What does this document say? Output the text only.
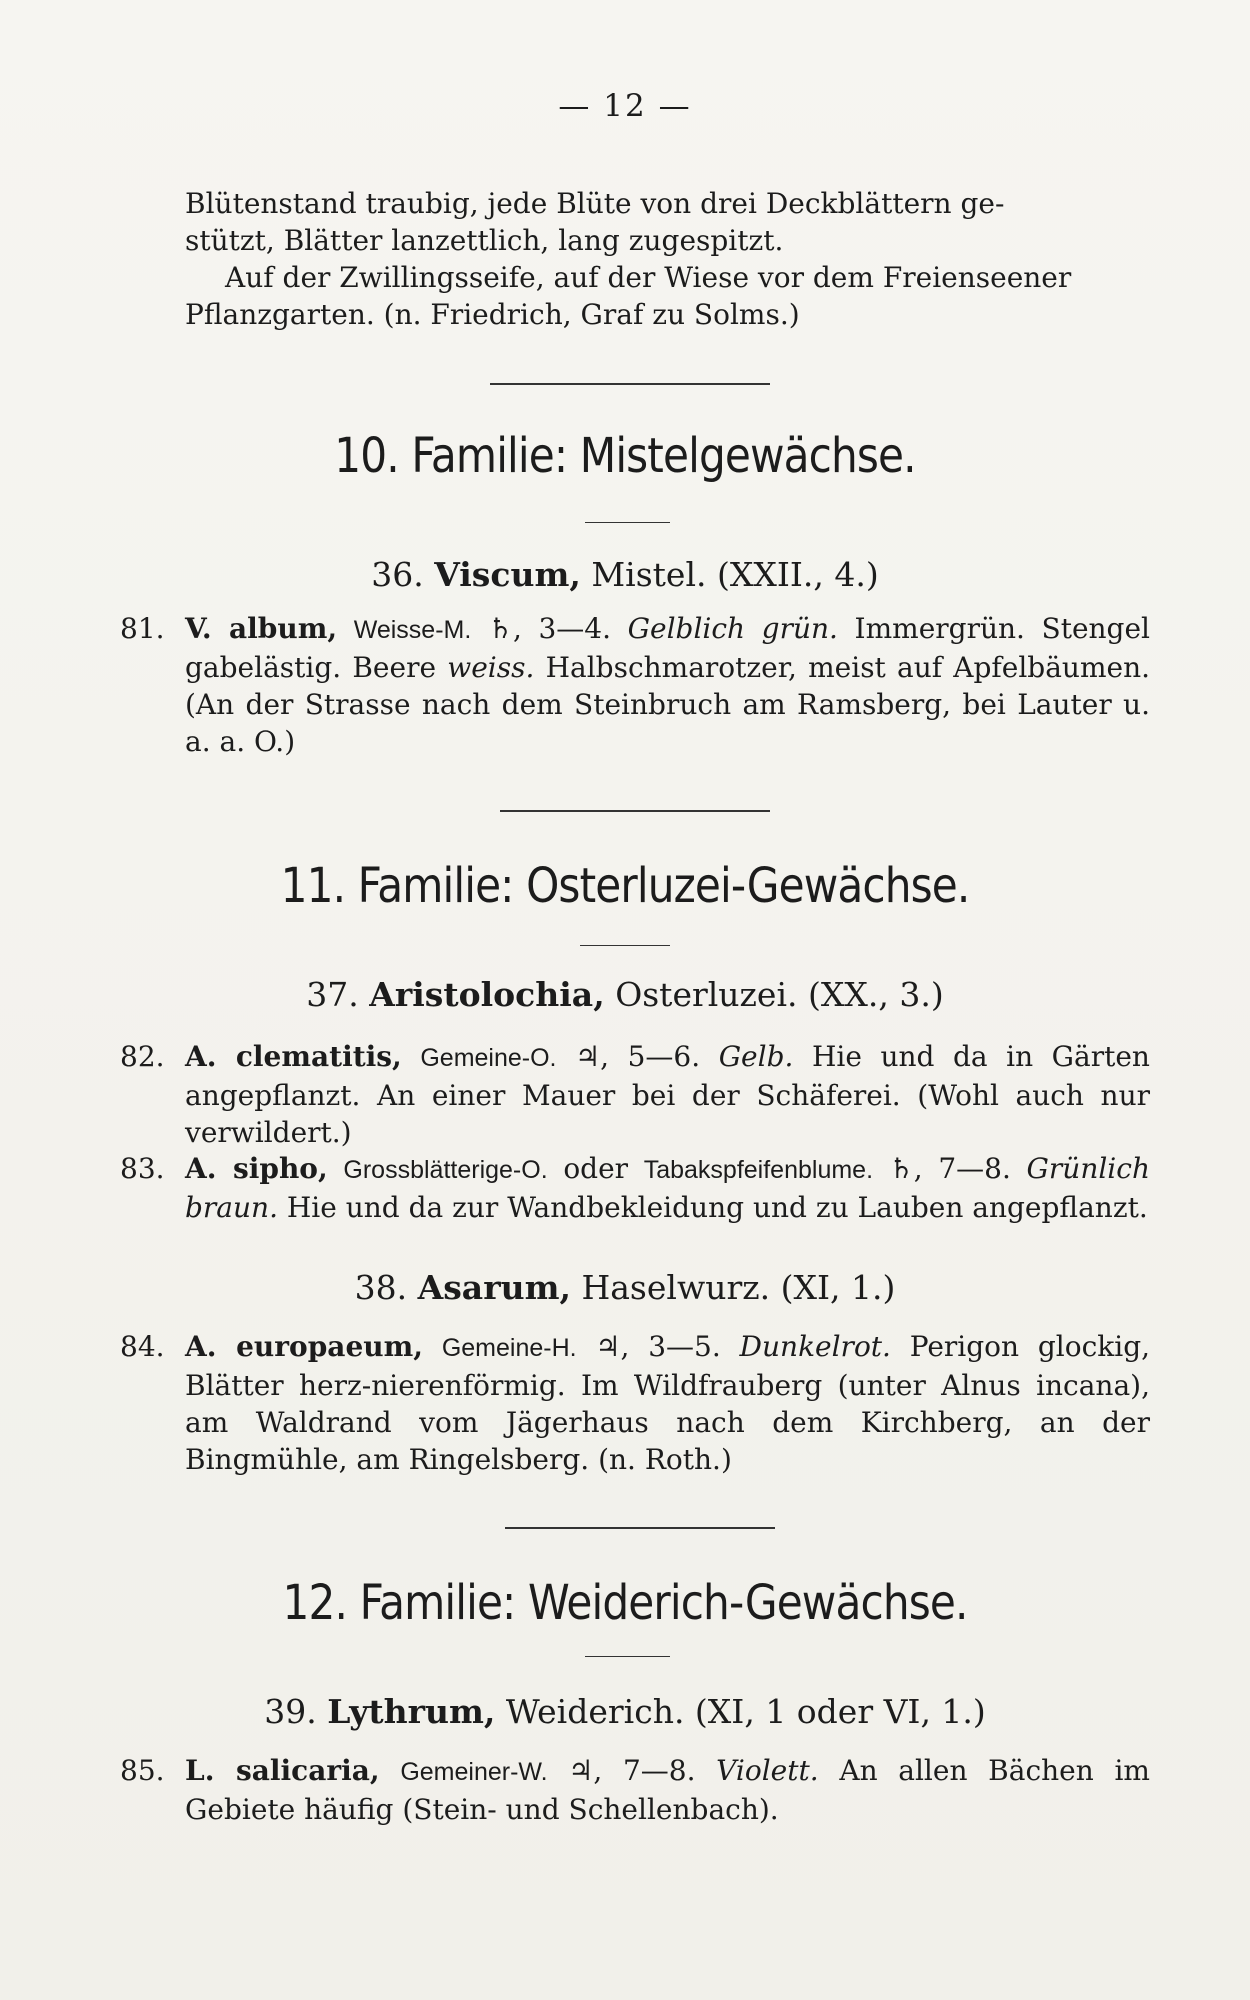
— 12 —
Blütenstand traubig, jede Blüte von drei Deckblättern ge-
stützt, Blätter lanzettlich, lang zugespitzt.
Auf der Zwillingsseife, auf der Wiese vor dem Freienseener
Pflanzgarten. (n. Friedrich, Graf zu Solms.)
10. Familie: Mistelgewächse.
36. Viscum, Mistel. (XXII., 4.)
81. V. album, Weisse-M. ♄, 3—4. Gelblich grün. Immergrün. Stengel gabelästig. Beere weiss. Halbschmarotzer, meist auf Apfelbäumen. (An der Strasse nach dem Steinbruch am Ramsberg, bei Lauter u. a. a. O.)
11. Familie: Osterluzei-Gewächse.
37. Aristolochia, Osterluzei. (XX., 3.)
82. A. clematitis, Gemeine-O. ♃, 5—6. Gelb. Hie und da in Gärten angepflanzt. An einer Mauer bei der Schäferei. (Wohl auch nur verwildert.)
83. A. sipho, Grossblätterige-O. oder Tabakspfeifenblume. ♄, 7—8. Grünlich braun. Hie und da zur Wandbekleidung und zu Lauben angepflanzt.
38. Asarum, Haselwurz. (XI, 1.)
84. A. europaeum, Gemeine-H. ♃, 3—5. Dunkelrot. Perigon glockig, Blätter herz-nierenförmig. Im Wildfrauberg (unter Alnus incana), am Waldrand vom Jägerhaus nach dem Kirchberg, an der Bingmühle, am Ringelsberg. (n. Roth.)
12. Familie: Weiderich-Gewächse.
39. Lythrum, Weiderich. (XI, 1 oder VI, 1.)
85. L. salicaria, Gemeiner-W. ♃, 7—8. Violett. An allen Bächen im Gebiete häufig (Stein- und Schellenbach).
